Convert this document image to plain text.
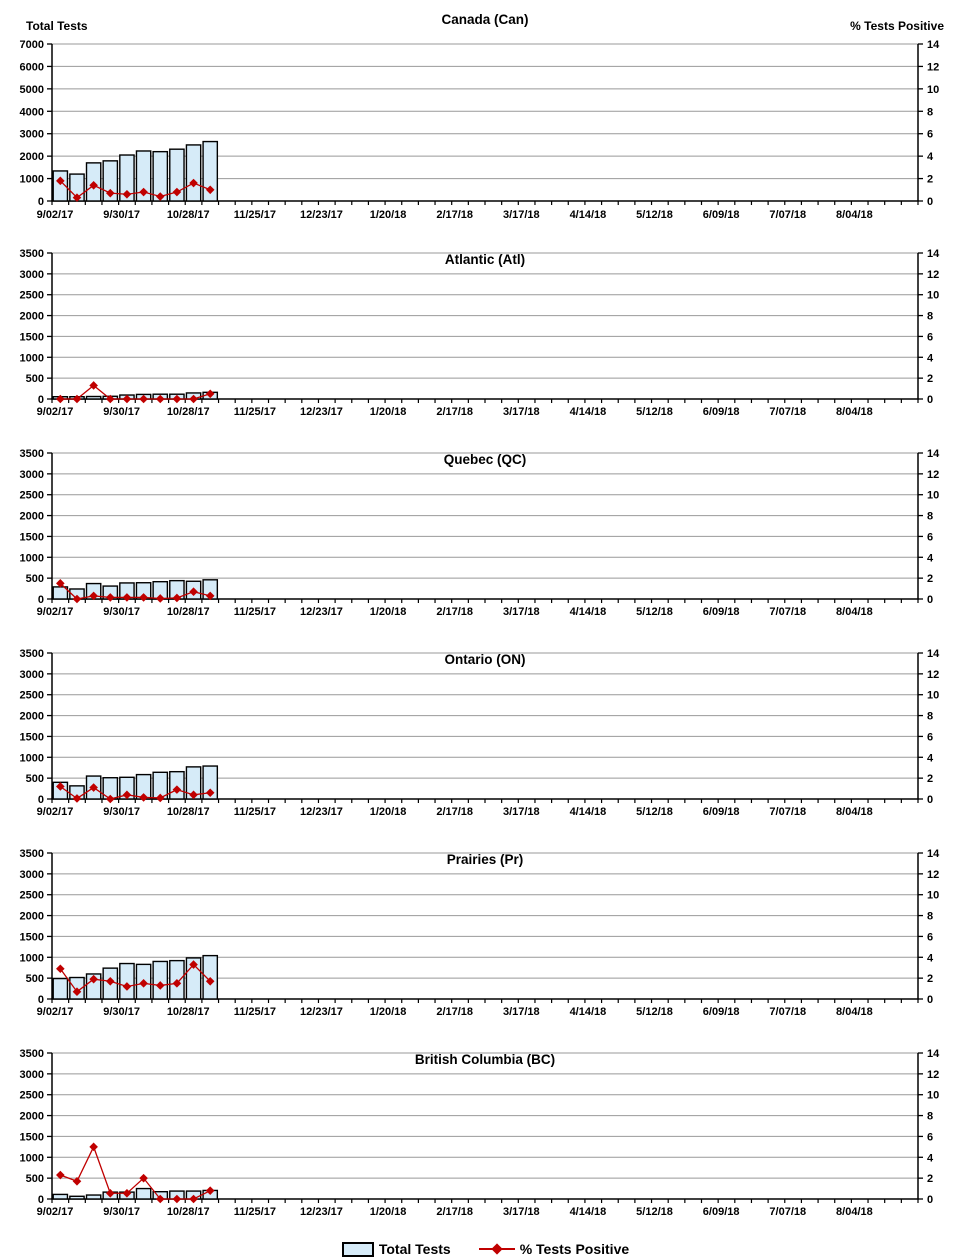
0
1000
2000
3000
4000
5000
6000
7000
0
2
4
6
8
10
12
14
9/02/17	9/30/17 10/28/17 11/25/17 12/23/17 1/20/18	2/17/18	3/17/18	4/14/18	5/12/18	6/09/18	7/07/18	8/04/18
Canada (Can)
Total Tests	% Tests Positive
0
500
1000
1500
2000
2500
3000
3500
0
2
4
6
8
10
12
14
9/02/17	9/30/17 10/28/17 11/25/17 12/23/17 1/20/18	2/17/18	3/17/18	4/14/18	5/12/18	6/09/18	7/07/18	8/04/18
Atlantic (Atl)
0
500
1000
1500
2000
2500
3000
3500
0
2
4
6
8
10
12
14
9/02/17	9/30/17 10/28/17 11/25/17 12/23/17 1/20/18	2/17/18	3/17/18	4/14/18	5/12/18	6/09/18	7/07/18	8/04/18
Quebec (QC)
0
500
1000
1500
2000
2500
3000
3500
0
2
4
6
8
10
12
14
9/02/17	9/30/17 10/28/17 11/25/17 12/23/17 1/20/18	2/17/18	3/17/18	4/14/18	5/12/18	6/09/18	7/07/18	8/04/18
Ontario (ON)
0
500
1000
1500
2000
2500
3000
3500
0
2
4
6
8
10
12
14
9/02/17	9/30/17 10/28/17 11/25/17 12/23/17 1/20/18	2/17/18	3/17/18	4/14/18	5/12/18	6/09/18	7/07/18	8/04/18
Prairies (Pr)
0
500
1000
1500
2000
2500
3000
3500
0
2
4
6
8
10
12
14
9/02/17	9/30/17 10/28/17 11/25/17 12/23/17 1/20/18	2/17/18	3/17/18	4/14/18	5/12/18	6/09/18	7/07/18	8/04/18
British Columbia (BC)
Total Tests	% Tests Positive
